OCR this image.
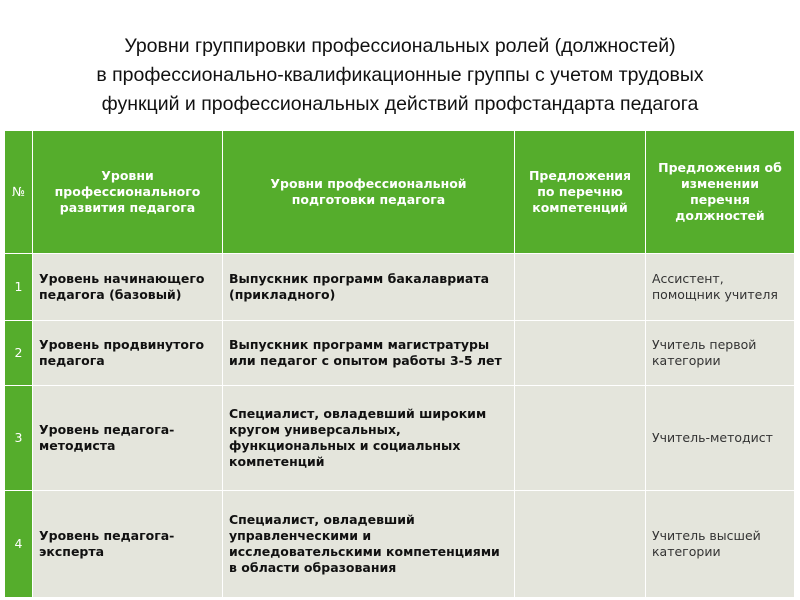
Уровни группировки профессиональных ролей (должностей)
в профессионально-квалификационные группы с учетом трудовых
функций и профессиональных действий профстандарта педагога
№	Уровни профессионального развития педагога	Уровни профессиональной подготовки педагога	Предложения по перечню компетенций	Предложения об изменении перечня должностей
1	Уровень начинающего педагога (базовый)	Выпускник программ бакалавриата (прикладного)		Ассистент, помощник учителя
2	Уровень продвинутого педагога	Выпускник программ магистратуры или педагог с опытом работы 3-5 лет		Учитель первой категории
3	Уровень педагога-методиста	Специалист, овладевший широким кругом универсальных, функциональных и социальных компетенций		Учитель-методист
4	Уровень педагога-эксперта	Специалист, овладевший управленческими и исследовательскими компетенциями в области образования		Учитель высшей категории
